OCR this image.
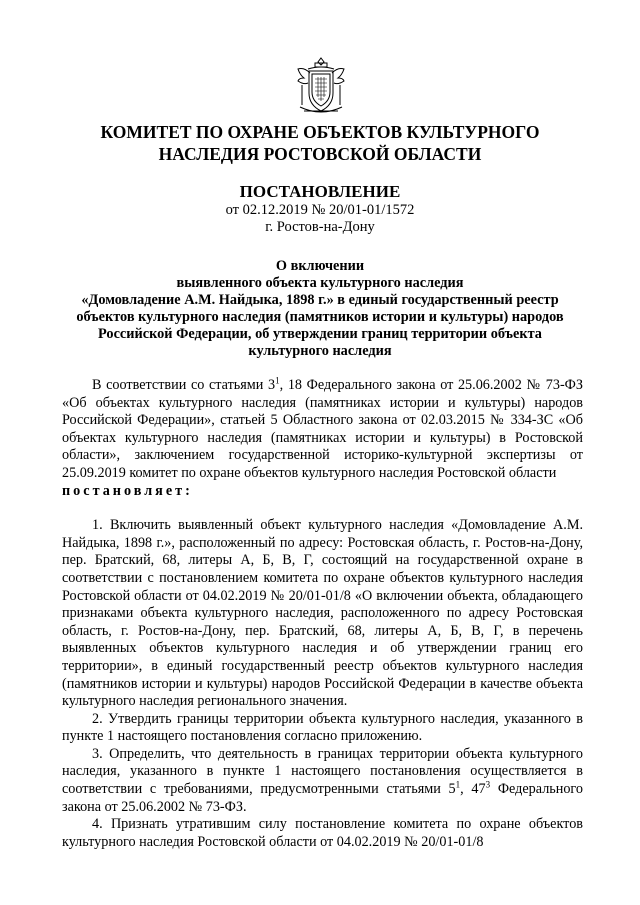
КОМИТЕТ ПО ОХРАНЕ ОБЪЕКТОВ КУЛЬТУРНОГО
НАСЛЕДИЯ РОСТОВСКОЙ ОБЛАСТИ
ПОСТАНОВЛЕНИЕ
от 02.12.2019 № 20/01-01/1572
г. Ростов-на-Дону
О включении
выявленного объекта культурного наследия
«Домовладение А.М. Найдыка, 1898 г.» в единый государственный реестр
объектов культурного наследия (памятников истории и культуры) народов
Российской Федерации, об утверждении границ территории объекта
культурного наследия

В соответствии со статьями $3^1$, 18 Федерального закона от 25.06.2002 № 73-ФЗ «Об объектах культурного наследия (памятниках истории и культуры) народов Российской Федерации», статьей 5 Областного закона от 02.03.2015 № 334-ЗС «Об объектах культурного наследия (памятниках истории и культуры) в Ростовской области», заключением государственной историко-культурной экспертизы от 25.09.2019 комитет по охране объектов культурного наследия Ростовской области

постановляет:

1. Включить выявленный объект культурного наследия «Домовладение А.М. Найдыка, 1898 г.», расположенный по адресу: Ростовская область, г. Ростов-на-Дону, пер. Братский, 68, литеры А, Б, В, Г, состоящий на государственной охране в соответствии с постановлением комитета по охране объектов культурного наследия Ростовской области от 04.02.2019 № 20/01-01/8 «О включении объекта, обладающего признаками объекта культурного наследия, расположенного по адресу Ростовская область, г. Ростов-на-Дону, пер. Братский, 68, литеры А, Б, В, Г, в перечень выявленных объектов культурного наследия и об утверждении границ его территории», в единый государственный реестр объектов культурного наследия (памятников истории и культуры) народов Российской Федерации в качестве объекта культурного наследия регионального значения.

2. Утвердить границы территории объекта культурного наследия, указанного в пункте 1 настоящего постановления согласно приложению.

3. Определить, что деятельность в границах территории объекта культурного наследия, указанного в пункте 1 настоящего постановления осуществляется в соответствии с требованиями, предусмотренными статьями $5^1$, $47^3$ Федерального закона от 25.06.2002 № 73-ФЗ.

4. Признать утратившим силу постановление комитета по охране объектов культурного наследия Ростовской области от 04.02.2019 № 20/01-01/8
